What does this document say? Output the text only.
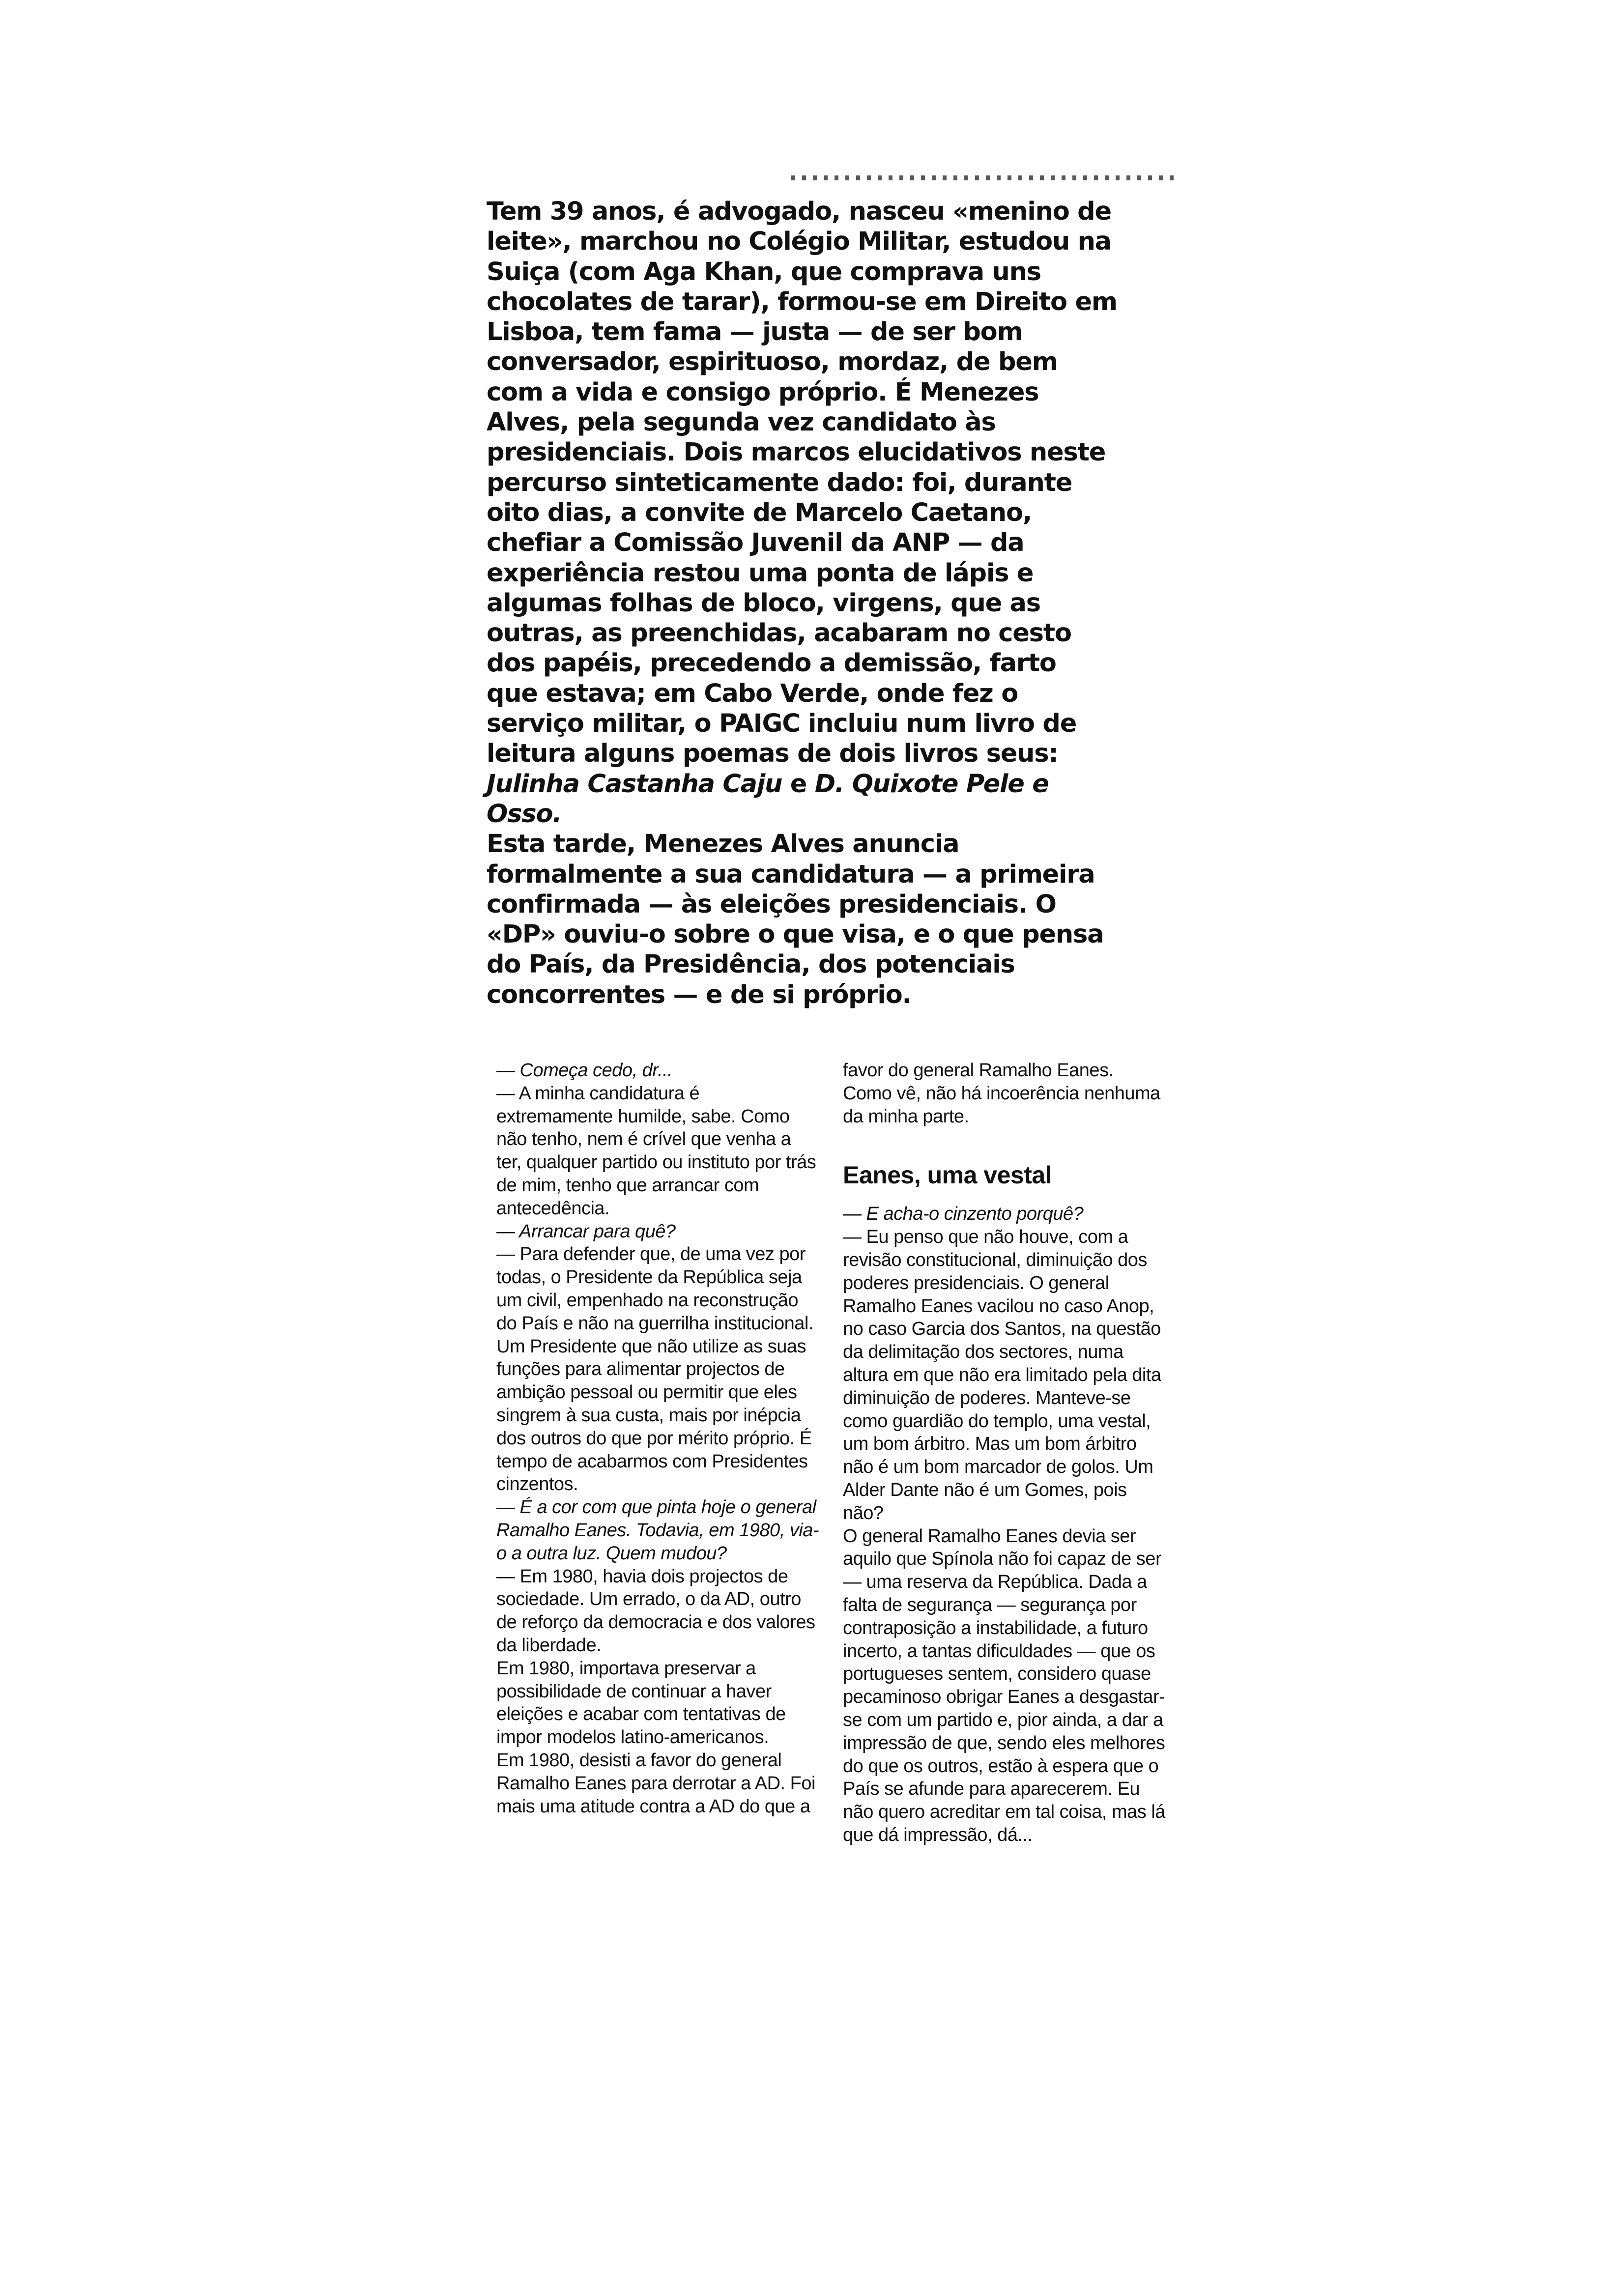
Tem 39 anos, é advogado, nasceu «menino de

leite», marchou no Colégio Militar, estudou na

Suiça (com Aga Khan, que comprava uns

chocolates de tarar), formou-se em Direito em

Lisboa, tem fama — justa — de ser bom

conversador, espirituoso, mordaz, de bem

com a vida e consigo próprio. É Menezes

Alves, pela segunda vez candidato às

presidenciais. Dois marcos elucidativos neste

percurso sinteticamente dado: foi, durante

oito dias, a convite de Marcelo Caetano,

chefiar a Comissão Juvenil da ANP — da

experiência restou uma ponta de lápis e

algumas folhas de bloco, virgens, que as

outras, as preenchidas, acabaram no cesto

dos papéis, precedendo a demissão, farto

que estava; em Cabo Verde, onde fez o

serviço militar, o PAIGC incluiu num livro de

leitura alguns poemas de dois livros seus:

Julinha Castanha Caju e D. Quixote Pele e

Osso.

Esta tarde, Menezes Alves anuncia

formalmente a sua candidatura — a primeira

confirmada — às eleições presidenciais. O

«DP» ouviu-o sobre o que visa, e o que pensa

do País, da Presidência, dos potenciais

concorrentes — e de si próprio.

— Começa cedo, dr...

— A minha candidatura é extremamente humilde, sabe. Como não tenho, nem é crível que venha a ter, qualquer partido ou instituto por trás de mim, tenho que arrancar com antecedência.

— Arrancar para quê?

— Para defender que, de uma vez por todas, o Presidente da República seja um civil, empenhado na reconstrução do País e não na guerrilha institucional. Um Presidente que não utilize as suas funções para alimentar projectos de ambição pessoal ou permitir que eles singrem à sua custa, mais por inépcia dos outros do que por mérito próprio. É tempo de acabarmos com Presidentes cinzentos.

— É a cor com que pinta hoje o general Ramalho Eanes. Todavia, em 1980, via-o a outra luz. Quem mudou?

— Em 1980, havia dois projectos de sociedade. Um errado, o da AD, outro de reforço da democracia e dos valores da liberdade.

Em 1980, importava preservar a possibilidade de continuar a haver eleições e acabar com tentativas de impor modelos latino-americanos.

Em 1980, desisti a favor do general Ramalho Eanes para derrotar a AD. Foi mais uma atitude contra a AD do que a

favor do general Ramalho Eanes. Como vê, não há incoerência nenhuma da minha parte.

Eanes, uma vestal

— E acha-o cinzento porquê?

— Eu penso que não houve, com a revisão constitucional, diminuição dos poderes presidenciais. O general Ramalho Eanes vacilou no caso Anop, no caso Garcia dos Santos, na questão da delimitação dos sectores, numa altura em que não era limitado pela dita diminuição de poderes. Manteve-se como guardião do templo, uma vestal, um bom árbitro. Mas um bom árbitro não é um bom marcador de golos. Um Alder Dante não é um Gomes, pois não?

O general Ramalho Eanes devia ser aquilo que Spínola não foi capaz de ser — uma reserva da República. Dada a falta de segurança — segurança por contraposição a instabilidade, a futuro incerto, a tantas dificuldades — que os portugueses sentem, considero quase pecaminoso obrigar Eanes a desgastar-se com um partido e, pior ainda, a dar a impressão de que, sendo eles melhores do que os outros, estão à espera que o País se afunde para aparecerem. Eu não quero acreditar em tal coisa, mas lá que dá impressão, dá...
